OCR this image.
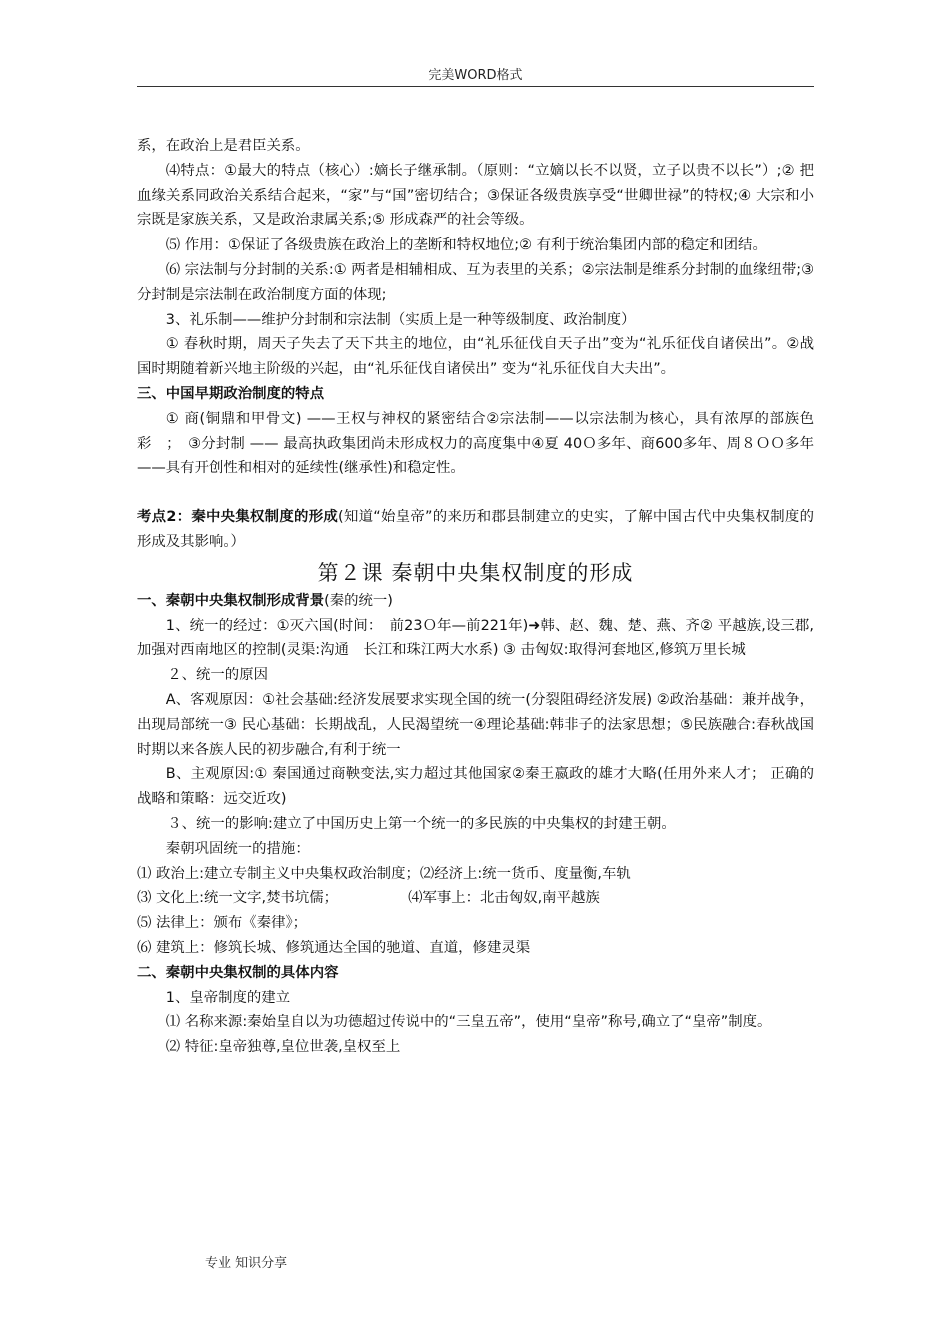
完美WORD格式

系，在政治上是君臣关系。

⑷特点：①最大的特点（核心）:嫡长子继承制。（原则：“立嫡以长不以贤，立子以贵不以长”）;② 把血缘关系同政治关系结合起来，“家”与“国”密切结合；③保证各级贵族享受“世卿世禄”的特权;④ 大宗和小宗既是家族关系，又是政治隶属关系;⑤ 形成森严的社会等级。

⑸ 作用：①保证了各级贵族在政治上的垄断和特权地位;② 有利于统治集团内部的稳定和团结。

⑹ 宗法制与分封制的关系:① 两者是相辅相成、互为表里的关系；②宗法制是维系分封制的血缘纽带;③ 分封制是宗法制在政治制度方面的体现;

3、礼乐制——维护分封制和宗法制（实质上是一种等级制度、政治制度）

① 春秋时期，周天子失去了天下共主的地位，由“礼乐征伐自天子出”变为“礼乐征伐自诸侯出”。②战国时期随着新兴地主阶级的兴起，由“礼乐征伐自诸侯出” 变为“礼乐征伐自大夫出”。

三、中国早期政治制度的特点

① 商(铜鼎和甲骨文) ——王权与神权的紧密结合②宗法制——以宗法制为核心，具有浓厚的部族色彩　；　③分封制 —— 最高执政集团尚未形成权力的高度集中④夏 40Ｏ多年、商600多年、周８ＯＯ多年——具有开创性和相对的延续性(继承性)和稳定性。

考点2：秦中央集权制度的形成(知道“始皇帝”的来历和郡县制建立的史实，了解中国古代中央集权制度的形成及其影响。）

第２课 秦朝中央集权制度的形成

一、秦朝中央集权制形成背景(秦的统一)

1、统一的经过：①灭六国(时间：　前23Ｏ年—前221年)➜韩、赵、魏、楚、燕、齐② 平越族,设三郡, 加强对西南地区的控制(灵渠:沟通　长江和珠江两大水系) ③ 击匈奴:取得河套地区,修筑万里长城

２、统一的原因

A、客观原因：①社会基础:经济发展要求实现全国的统一(分裂阻碍经济发展) ②政治基础：兼并战争，出现局部统一③ 民心基础：长期战乱，人民渴望统一④理论基础:韩非子的法家思想；⑤民族融合:春秋战国时期以来各族人民的初步融合,有利于统一

B、主观原因:① 秦国通过商鞅变法,实力超过其他国家②秦王嬴政的雄才大略(任用外来人才； 正确的战略和策略：远交近攻)

３、统一的影响:建立了中国历史上第一个统一的多民族的中央集权的封建王朝。

秦朝巩固统一的措施：

⑴ 政治上:建立专制主义中央集权政治制度；⑵经济上:统一货币、度量衡,车轨

⑶ 文化上:统一文字,焚书坑儒；	⑷军事上：北击匈奴,南平越族

⑸ 法律上：颁布《秦律》；

⑹ 建筑上：修筑长城、修筑通达全国的驰道、直道，修建灵渠

二、秦朝中央集权制的具体内容

1、皇帝制度的建立

⑴ 名称来源:秦始皇自以为功德超过传说中的“三皇五帝”，使用“皇帝”称号,确立了“皇帝”制度。

⑵ 特征:皇帝独尊,皇位世袭,皇权至上

专业 知识分享
